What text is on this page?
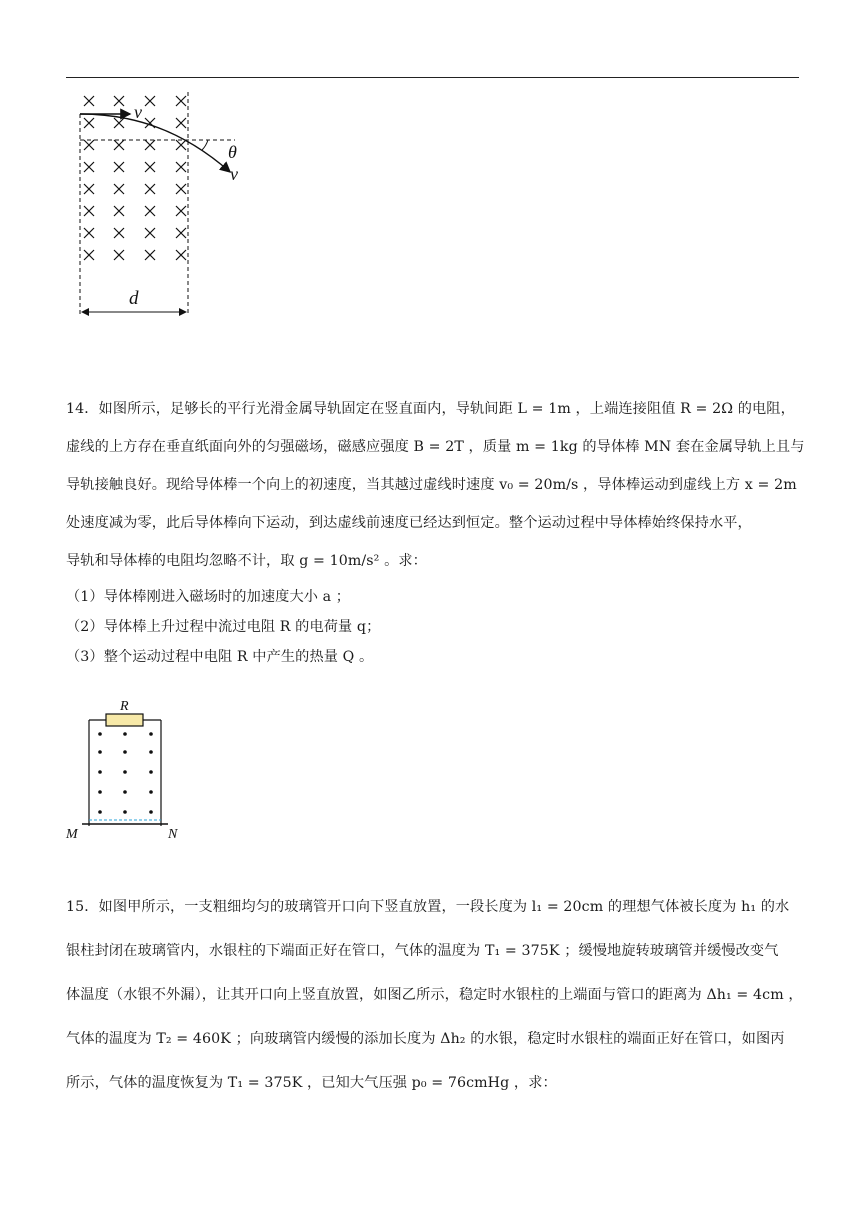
v
θ
v
d
14．如图所示，足够长的平行光滑金属导轨固定在竖直面内，导轨间距 L = 1m ，上端连接阻值 R = 2Ω 的电阻，
虚线的上方存在垂直纸面向外的匀强磁场，磁感应强度 B = 2T ，质量 m = 1kg 的导体棒 MN 套在金属导轨上且与
导轨接触良好。现给导体棒一个向上的初速度，当其越过虚线时速度 v₀ = 20m/s ，导体棒运动到虚线上方 x = 2m
处速度减为零，此后导体棒向下运动，到达虚线前速度已经达到恒定。整个运动过程中导体棒始终保持水平，
导轨和导体棒的电阻均忽略不计，取 g = 10m/s² 。求：
（1）导体棒刚进入磁场时的加速度大小 a ；
（2）导体棒上升过程中流过电阻 R 的电荷量 q；
（3）整个运动过程中电阻 R 中产生的热量 Q 。
R
M	N
15．如图甲所示，一支粗细均匀的玻璃管开口向下竖直放置，一段长度为 l₁ = 20cm 的理想气体被长度为 h₁ 的水
银柱封闭在玻璃管内，水银柱的下端面正好在管口，气体的温度为 T₁ = 375K ；缓慢地旋转玻璃管并缓慢改变气
体温度（水银不外漏），让其开口向上竖直放置，如图乙所示，稳定时水银柱的上端面与管口的距离为 Δh₁ = 4cm ，
气体的温度为 T₂ = 460K ；向玻璃管内缓慢的添加长度为 Δh₂ 的水银，稳定时水银柱的端面正好在管口，如图丙
所示，气体的温度恢复为 T₁ = 375K ，已知大气压强 p₀ = 76cmHg ，求：
